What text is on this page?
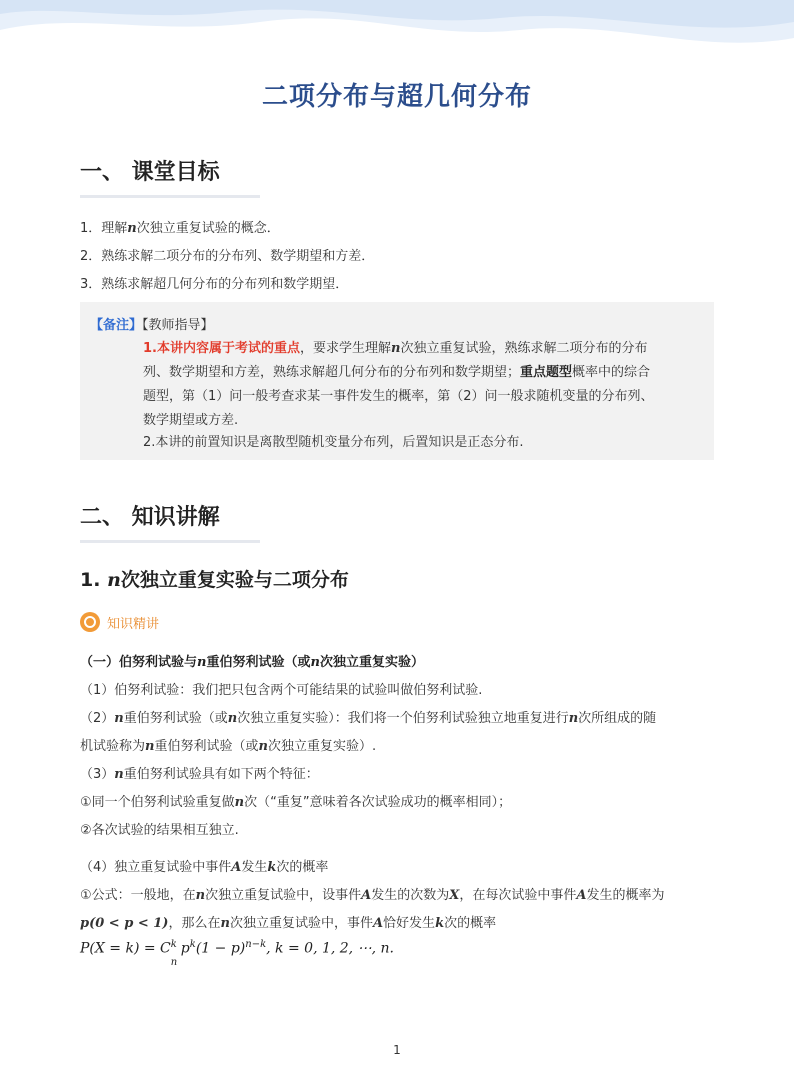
二项分布与超几何分布
一、 课堂目标
1．理解n次独立重复试验的概念．
2．熟练求解二项分布的分布列、数学期望和方差．
3．熟练求解超几何分布的分布列和数学期望．
【备注】【教师指导】
1.本讲内容属于考试的重点，要求学生理解n次独立重复试验，熟练求解二项分布的分布
列、数学期望和方差，熟练求解超几何分布的分布列和数学期望；重点题型概率中的综合
题型，第（1）问一般考查求某一事件发生的概率，第（2）问一般求随机变量的分布列、
数学期望或方差.
2.本讲的前置知识是离散型随机变量分布列，后置知识是正态分布.
二、 知识讲解
1. n次独立重复实验与二项分布
知识精讲
（一）伯努利试验与n重伯努利试验（或n次独立重复实验）
（1）伯努利试验：我们把只包含两个可能结果的试验叫做伯努利试验.
（2）n重伯努利试验（或n次独立重复实验）：我们将一个伯努利试验独立地重复进行n次所组成的随
机试验称为n重伯努利试验（或n次独立重复实验）.
（3）n重伯努利试验具有如下两个特征：
①同一个伯努利试验重复做n次（“重复”意味着各次试验成功的概率相同）；
②各次试验的结果相互独立.
（4）独立重复试验中事件A发生k次的概率
①公式：一般地，在n次独立重复试验中，设事件A发生的次数为X，在每次试验中事件A发生的概率为
p(0 < p < 1)，那么在n次独立重复试验中，事件A恰好发生k次的概率
P(X = k) = C k
n
$p^k(1 - p)^{n-k}$, k = 0, 1, 2, ⋯, n.
1
